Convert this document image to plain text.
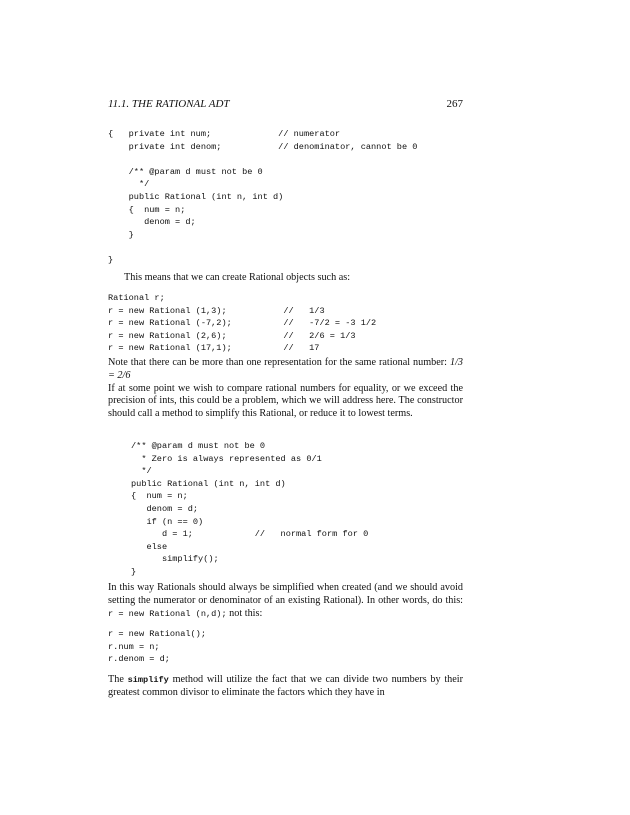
11.1. THE RATIONAL ADT	267
{   private int num;             // numerator
private int denom;           // denominator, cannot be 0

/** @param d must not be 0
*/
public Rational (int n, int d)
{  num = n;
denom = d;
}

}

This means that we can create Rational objects such as:

Rational r;
r = new Rational (1,3);           //   1/3
r = new Rational (-7,2);          //   -7/2 = -3 1/2
r = new Rational (2,6);           //   2/6 = 1/3
r = new Rational (17,1);          //   17

Note that there can be more than one representation for the same rational number: 1/3 = 2/6
If at some point we wish to compare rational numbers for equality, or we exceed the precision of ints, this could be a problem, which we will address here. The constructor should call a method to simplify this Rational, or reduce it to lowest terms.

/** @param d must not be 0
* Zero is always represented as 0/1
*/
public Rational (int n, int d)
{  num = n;
denom = d;
if (n == 0)
d = 1;            //   normal form for 0
else
simplify();
}

In this way Rationals should always be simplified when created (and we should avoid setting the numerator or denominator of an existing Rational). In other words, do this: r = new Rational (n,d); not this:

r = new Rational();
r.num = n;
r.denom = d;

The simplify method will utilize the fact that we can divide two numbers by their greatest common divisor to eliminate the factors which they have in
